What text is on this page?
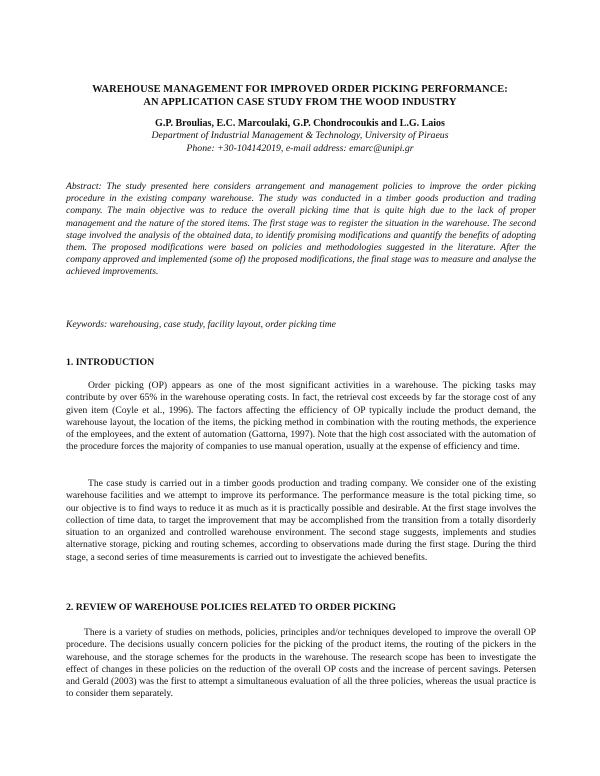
WAREHOUSE MANAGEMENT FOR IMPROVED ORDER PICKING PERFORMANCE:
AN APPLICATION CASE STUDY FROM THE WOOD INDUSTRY
G.P. Broulias, E.C. Marcoulaki, G.P. Chondrocoukis and L.G. Laios
Department of Industrial Management & Technology, University of Piraeus
Phone: +30-104142019, e-mail address: emarc@unipi.gr

Abstract: The study presented here considers arrangement and management policies to improve the order picking procedure in the existing company warehouse. The study was conducted in a timber goods production and trading company. The main objective was to reduce the overall picking time that is quite high due to the lack of proper management and the nature of the stored items. The first stage was to register the situation in the warehouse. The second stage involved the analysis of the obtained data, to identify promising modifications and quantify the benefits of adopting them. The proposed modifications were based on policies and methodologies suggested in the literature. After the company approved and implemented (some of) the proposed modifications, the final stage was to measure and analyse the achieved improvements.

Keywords: warehousing, case study, facility layout, order picking time

1. INTRODUCTION

Order picking (OP) appears as one of the most significant activities in a warehouse. The picking tasks may contribute by over 65% in the warehouse operating costs. In fact, the retrieval cost exceeds by far the storage cost of any given item (Coyle et al., 1996). The factors affecting the efficiency of OP typically include the product demand, the warehouse layout, the location of the items, the picking method in combination with the routing methods, the experience of the employees, and the extent of automation (Gattorna, 1997). Note that the high cost associated with the automation of the procedure forces the majority of companies to use manual operation, usually at the expense of efficiency and time.

The case study is carried out in a timber goods production and trading company. We consider one of the existing warehouse facilities and we attempt to improve its performance. The performance measure is the total picking time, so our objective is to find ways to reduce it as much as it is practically possible and desirable. At the first stage involves the collection of time data, to target the improvement that may be accomplished from the transition from a totally disorderly situation to an organized and controlled warehouse environment. The second stage suggests, implements and studies alternative storage, picking and routing schemes, according to observations made during the first stage. During the third stage, a second series of time measurements is carried out to investigate the achieved benefits.

2. REVIEW OF WAREHOUSE POLICIES RELATED TO ORDER PICKING

There is a variety of studies on methods, policies, principles and/or techniques developed to improve the overall OP procedure. The decisions usually concern policies for the picking of the product items, the routing of the pickers in the warehouse, and the storage schemes for the products in the warehouse. The research scope has been to investigate the effect of changes in these policies on the reduction of the overall OP costs and the increase of percent savings. Petersen and Gerald (2003) was the first to attempt a simultaneous evaluation of all the three policies, whereas the usual practice is to consider them separately.
